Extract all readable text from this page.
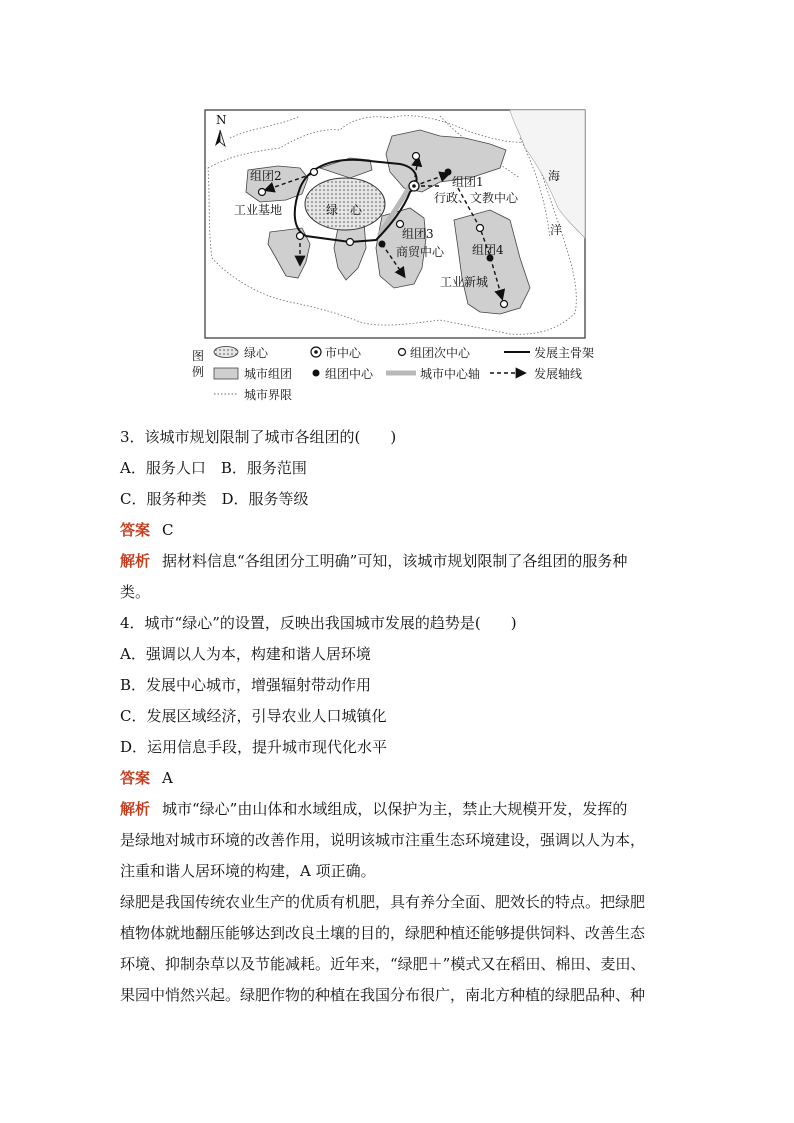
N
组团2
工业基地	绿　心
组团1
行政、文教中心
组团3
商贸中心 组团4
工业新城
海
洋
图
例
绿心	市中心	组团次中心	发展主骨架
城市组团	组团中心	城市中心轴	发展轴线
城市界限
3．该城市规划限制了城市各组团的(　　)
A．服务人口　B．服务范围
C．服务种类　D．服务等级
答案 C
解析 据材料信息“各组团分工明确”可知，该城市规划限制了各组团的服务种
类。
4．城市“绿心”的设置，反映出我国城市发展的趋势是(　　)
A．强调以人为本，构建和谐人居环境
B．发展中心城市，增强辐射带动作用
C．发展区域经济，引导农业人口城镇化
D．运用信息手段，提升城市现代化水平
答案 A
解析 城市“绿心”由山体和水域组成，以保护为主，禁止大规模开发，发挥的
是绿地对城市环境的改善作用，说明该城市注重生态环境建设，强调以人为本，
注重和谐人居环境的构建，A 项正确。
绿肥是我国传统农业生产的优质有机肥，具有养分全面、肥效长的特点。把绿肥
植物体就地翻压能够达到改良土壤的目的，绿肥种植还能够提供饲料、改善生态
环境、抑制杂草以及节能减耗。近年来，“绿肥＋”模式又在稻田、棉田、麦田、
果园中悄然兴起。绿肥作物的种植在我国分布很广，南北方种植的绿肥品种、种
